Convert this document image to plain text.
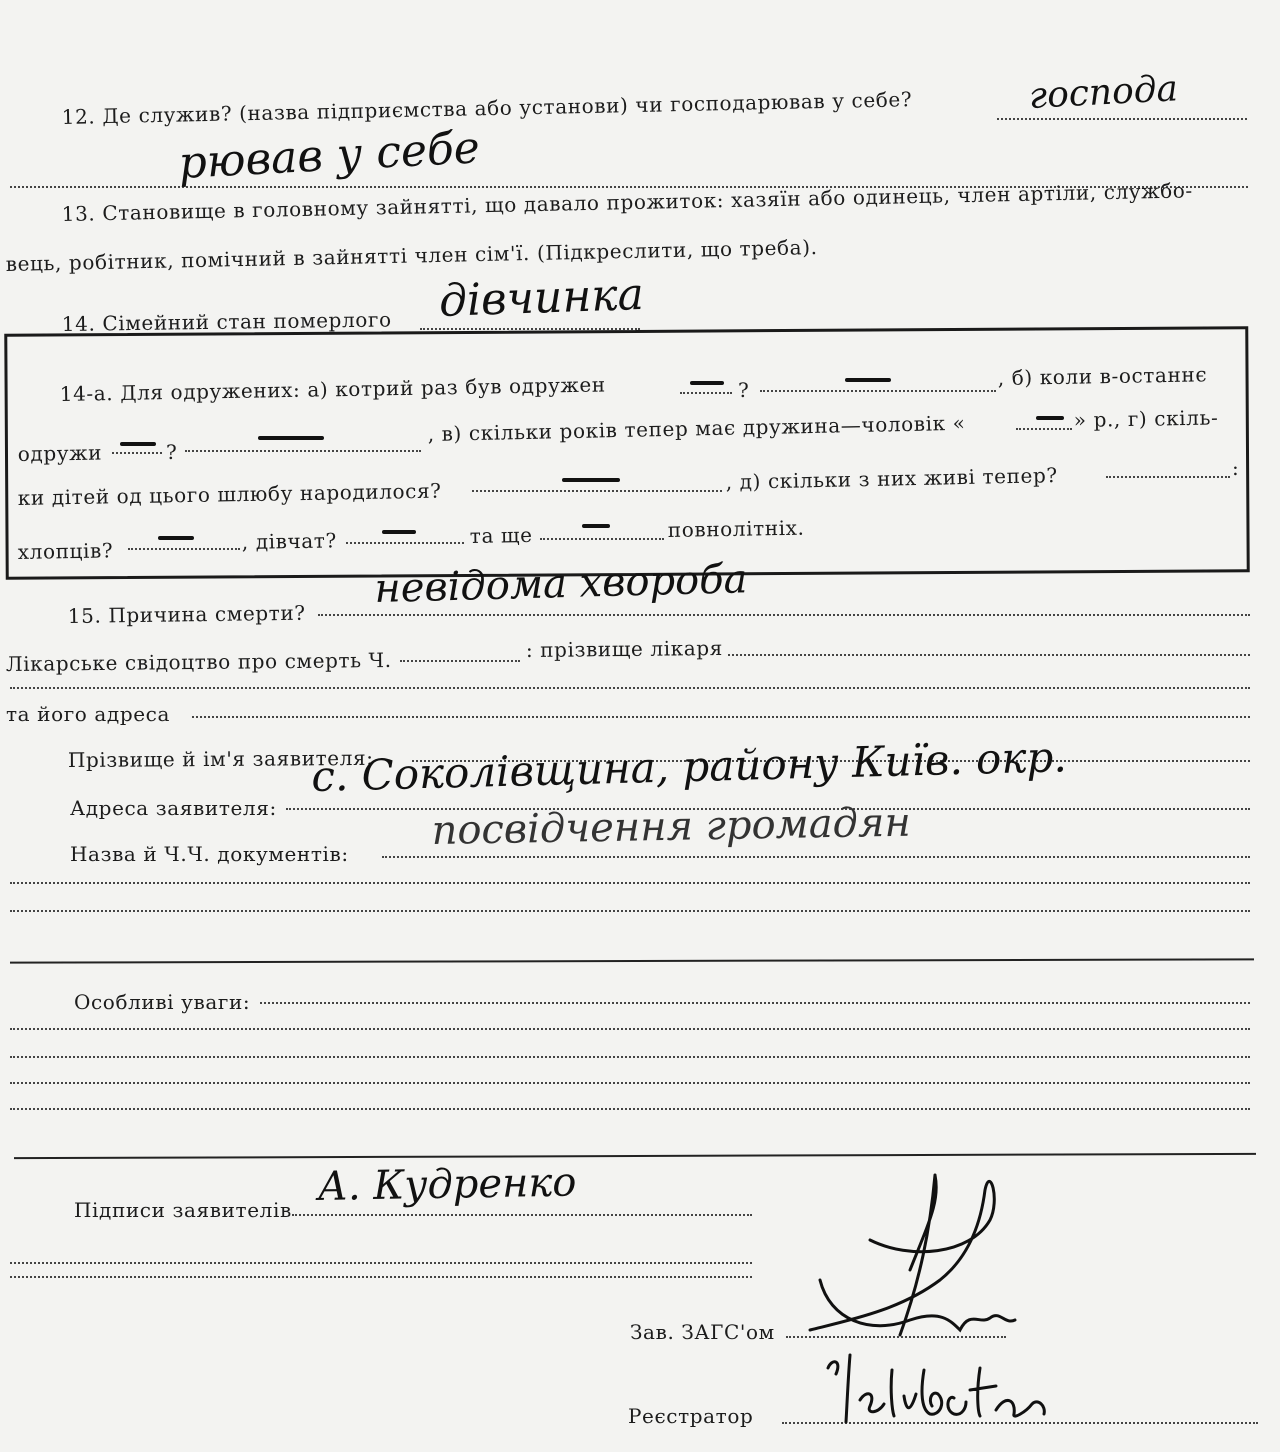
12. Де служив? (назва підприємства або установи) чи господарював у себе?	господа
рював у себе
13. Становище в головному зайнятті, що давало прожиток: хазяїн або одинець, член артіли, службо-
вець, робітник, помічний в зайнятті член сім'ї. (Підкреслити, що треба).
14. Сімейний стан померлого дівчинка
14-а. Для одружених: а) котрий раз був одружен	?	, б) коли в-останнє
одружи	?
, в) скільки років тепер має дружина—чоловік «	» р., г) скіль-
ки дітей од цього шлюбу народилося?
, д) скільки з них живі тепер?	:
хлопців?	, дівчат?	та ще	повнолітніх.
15. Причина смерти?
невідома хвороба
Лікарське свідоцтво про смерть Ч.	: прізвище лікаря
та його адреса
Прізвище й ім'я заявителя:
Адреса заявителя:
с. Соколівщина, району Київ. окр.
Назва й Ч.Ч. документів: посвідчення громадян
Особливі уваги:
Підписи заявителів А. Кудренко
Зав. ЗАГС'ом
Реєстратор
